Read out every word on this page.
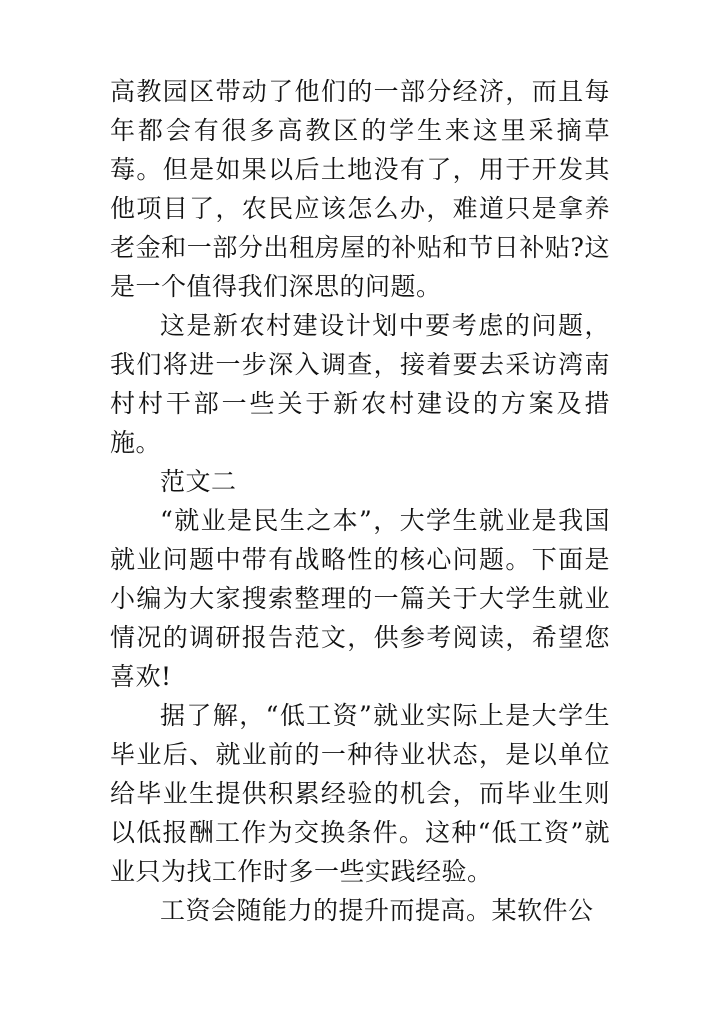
高教园区带动了他们的一部分经济，而且每年都会有很多高教区的学生来这里采摘草莓。但是如果以后土地没有了，用于开发其他项目了，农民应该怎么办，难道只是拿养老金和一部分出租房屋的补贴和节日补贴?这是一个值得我们深思的问题。

这是新农村建设计划中要考虑的问题，我们将进一步深入调查，接着要去采访湾南村村干部一些关于新农村建设的方案及措施。

范文二

“就业是民生之本”，大学生就业是我国就业问题中带有战略性的核心问题。下面是小编为大家搜索整理的一篇关于大学生就业情况的调研报告范文，供参考阅读，希望您喜欢!

据了解，“低工资”就业实际上是大学生毕业后、就业前的一种待业状态，是以单位给毕业生提供积累经验的机会，而毕业生则以低报酬工作为交换条件。这种“低工资”就业只为找工作时多一些实践经验。

工资会随能力的提升而提高。某软件公
